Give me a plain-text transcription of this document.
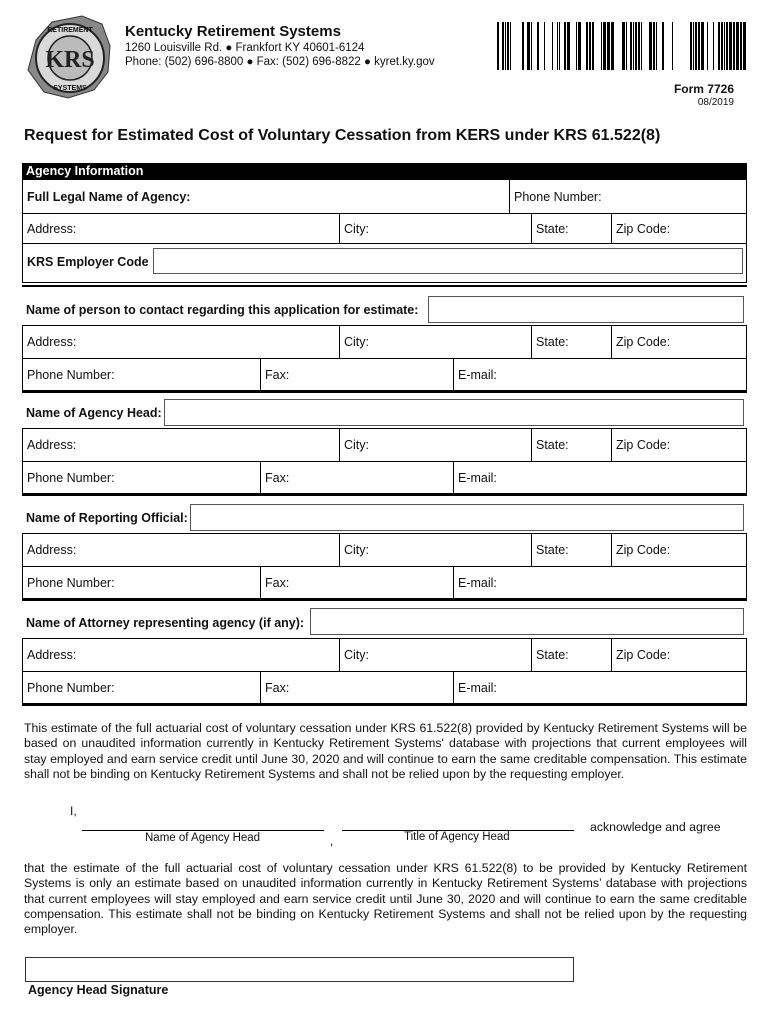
KRS
RETIREMENT
SYSTEMS
Kentucky Retirement Systems
1260 Louisville Rd. ● Frankfort KY 40601-6124
Phone: (502) 696-8800 ● Fax: (502) 696-8822 ● kyret.ky.gov
Form 7726
08/2019
Request for Estimated Cost of Voluntary Cessation from KERS under KRS 61.522(8)
Agency Information
Full Legal Name of Agency:	Phone Number:
Address:	City:	State:	Zip Code:
KRS Employer Code
Name of person to contact regarding this application for estimate:
Address:	City:	State:	Zip Code:
Phone Number:	Fax:	E-mail:
Name of Agency Head:
Address:	City:	State:	Zip Code:
Phone Number:	Fax:	E-mail:
Name of Reporting Official:
Address:	City:	State:	Zip Code:
Phone Number:	Fax:	E-mail:
Name of Attorney representing agency (if any):
Address:	City:	State:	Zip Code:
Phone Number:	Fax:	E-mail:
This estimate of the full actuarial cost of voluntary cessation under KRS 61.522(8) provided by Kentucky Retirement Systems will be based on unaudited information currently in Kentucky Retirement Systems' database with projections that current employees will stay employed and earn service credit until June 30, 2020 and will continue to earn the same creditable compensation. This estimate shall not be binding on Kentucky Retirement Systems and shall not be relied upon by the requesting employer.
I,
Name of Agency Head	,	Title of Agency Head
acknowledge and agree
that the estimate of the full actuarial cost of voluntary cessation under KRS 61.522(8) to be provided by Kentucky Retirement Systems is only an estimate based on unaudited information currently in Kentucky Retirement Systems’ database with projections that current employees will stay employed and earn service credit until June 30, 2020 and will continue to earn the same creditable compensation. This estimate shall not be binding on Kentucky Retirement Systems and shall not be relied upon by the requesting employer.
Agency Head Signature
